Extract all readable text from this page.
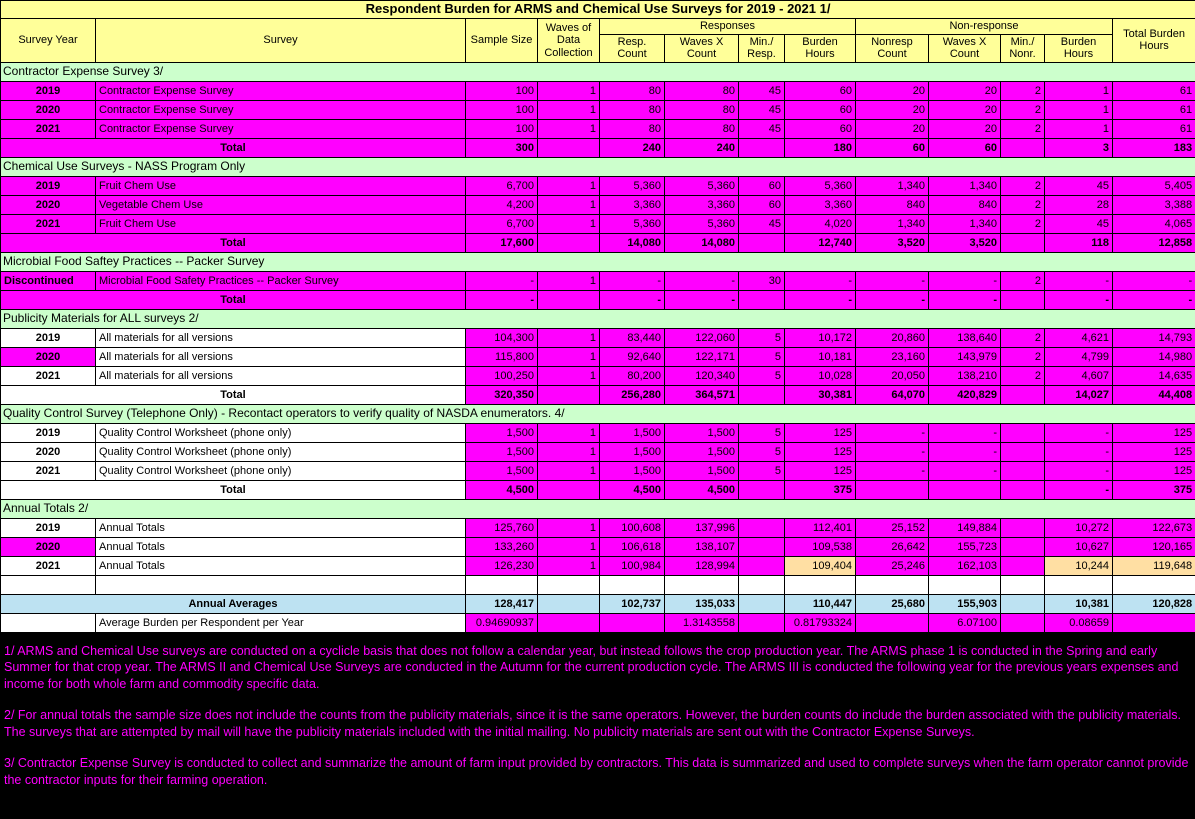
Respondent Burden for ARMS and Chemical Use Surveys for 2019 - 2021 1/												
Survey Year	Survey	Sample Size	Waves of Data Collection	Responses				Non-response				Total Burden Hours
				Resp. Count	Waves X Count	Min./ Resp.	Burden Hours	Nonresp Count	Waves X Count	Min./ Nonr.	Burden Hours	
Contractor Expense Survey 3/												
2019	Contractor Expense Survey	100	1	80	80	45	60	20	20	2	1	61
2020	Contractor Expense Survey	100	1	80	80	45	60	20	20	2	1	61
2021	Contractor Expense Survey	100	1	80	80	45	60	20	20	2	1	61
Total		300		240	240		180	60	60		3	183
Chemical Use Surveys - NASS Program Only												
2019	Fruit Chem Use	6,700	1	5,360	5,360	60	5,360	1,340	1,340	2	45	5,405
2020	Vegetable Chem Use	4,200	1	3,360	3,360	60	3,360	840	840	2	28	3,388
2021	Fruit Chem Use	6,700	1	5,360	5,360	45	4,020	1,340	1,340	2	45	4,065
Total		17,600		14,080	14,080		12,740	3,520	3,520		118	12,858
Microbial Food Saftey Practices -- Packer Survey												
Discontinued	Microbial Food Safety Practices -- Packer Survey	-	1	-	-	30	-	-	-	2	-	-
Total		-		-	-		-	-	-		-	-
Publicity Materials for ALL surveys 2/												
2019	All materials for all versions	104,300	1	83,440	122,060	5	10,172	20,860	138,640	2	4,621	14,793
2020	All materials for all versions	115,800	1	92,640	122,171	5	10,181	23,160	143,979	2	4,799	14,980
2021	All materials for all versions	100,250	1	80,200	120,340	5	10,028	20,050	138,210	2	4,607	14,635
Total		320,350		256,280	364,571		30,381	64,070	420,829		14,027	44,408
Quality Control Survey (Telephone Only) - Recontact operators to verify quality of NASDA enumerators. 4/												
2019	Quality Control Worksheet (phone only)	1,500	1	1,500	1,500	5	125	-	-		-	125
2020	Quality Control Worksheet (phone only)	1,500	1	1,500	1,500	5	125	-	-		-	125
2021	Quality Control Worksheet (phone only)	1,500	1	1,500	1,500	5	125	-	-		-	125
Total		4,500		4,500	4,500		375				-	375
Annual Totals 2/												
2019	Annual Totals	125,760	1	100,608	137,996		112,401	25,152	149,884		10,272	122,673
2020	Annual Totals	133,260	1	106,618	138,107		109,538	26,642	155,723		10,627	120,165
2021	Annual Totals	126,230	1	100,984	128,994		109,404	25,246	162,103		10,244	119,648

Annual Averages		128,417		102,737	135,033		110,447	25,680	155,903		10,381	120,828
	Average Burden per Respondent per Year	0.94690937			1.3143558		0.81793324		6.07100		0.08659	

1/ ARMS and Chemical Use surveys are conducted on a cyclicle basis that does not follow a calendar year, but instead follows the crop production year. The ARMS phase 1 is conducted in the Spring and early Summer for that crop year. The ARMS II and Chemical Use Surveys are conducted in the Autumn for the current production cycle. The ARMS III is conducted the following year for the previous years expenses and income for both whole farm and commodity specific data.

2/ For annual totals the sample size does not include the counts from the publicity materials, since it is the same operators. However, the burden counts do include the burden associated with the publicity materials. The surveys that are attempted by mail will have the publicity materials included with the initial mailing. No publicity materials are sent out with the Contractor Expense Surveys.

3/ Contractor Expense Survey is conducted to collect and summarize the amount of farm input provided by contractors. This data is summarized and used to complete surveys when the farm operator cannot provide the contractor inputs for their farming operation.
